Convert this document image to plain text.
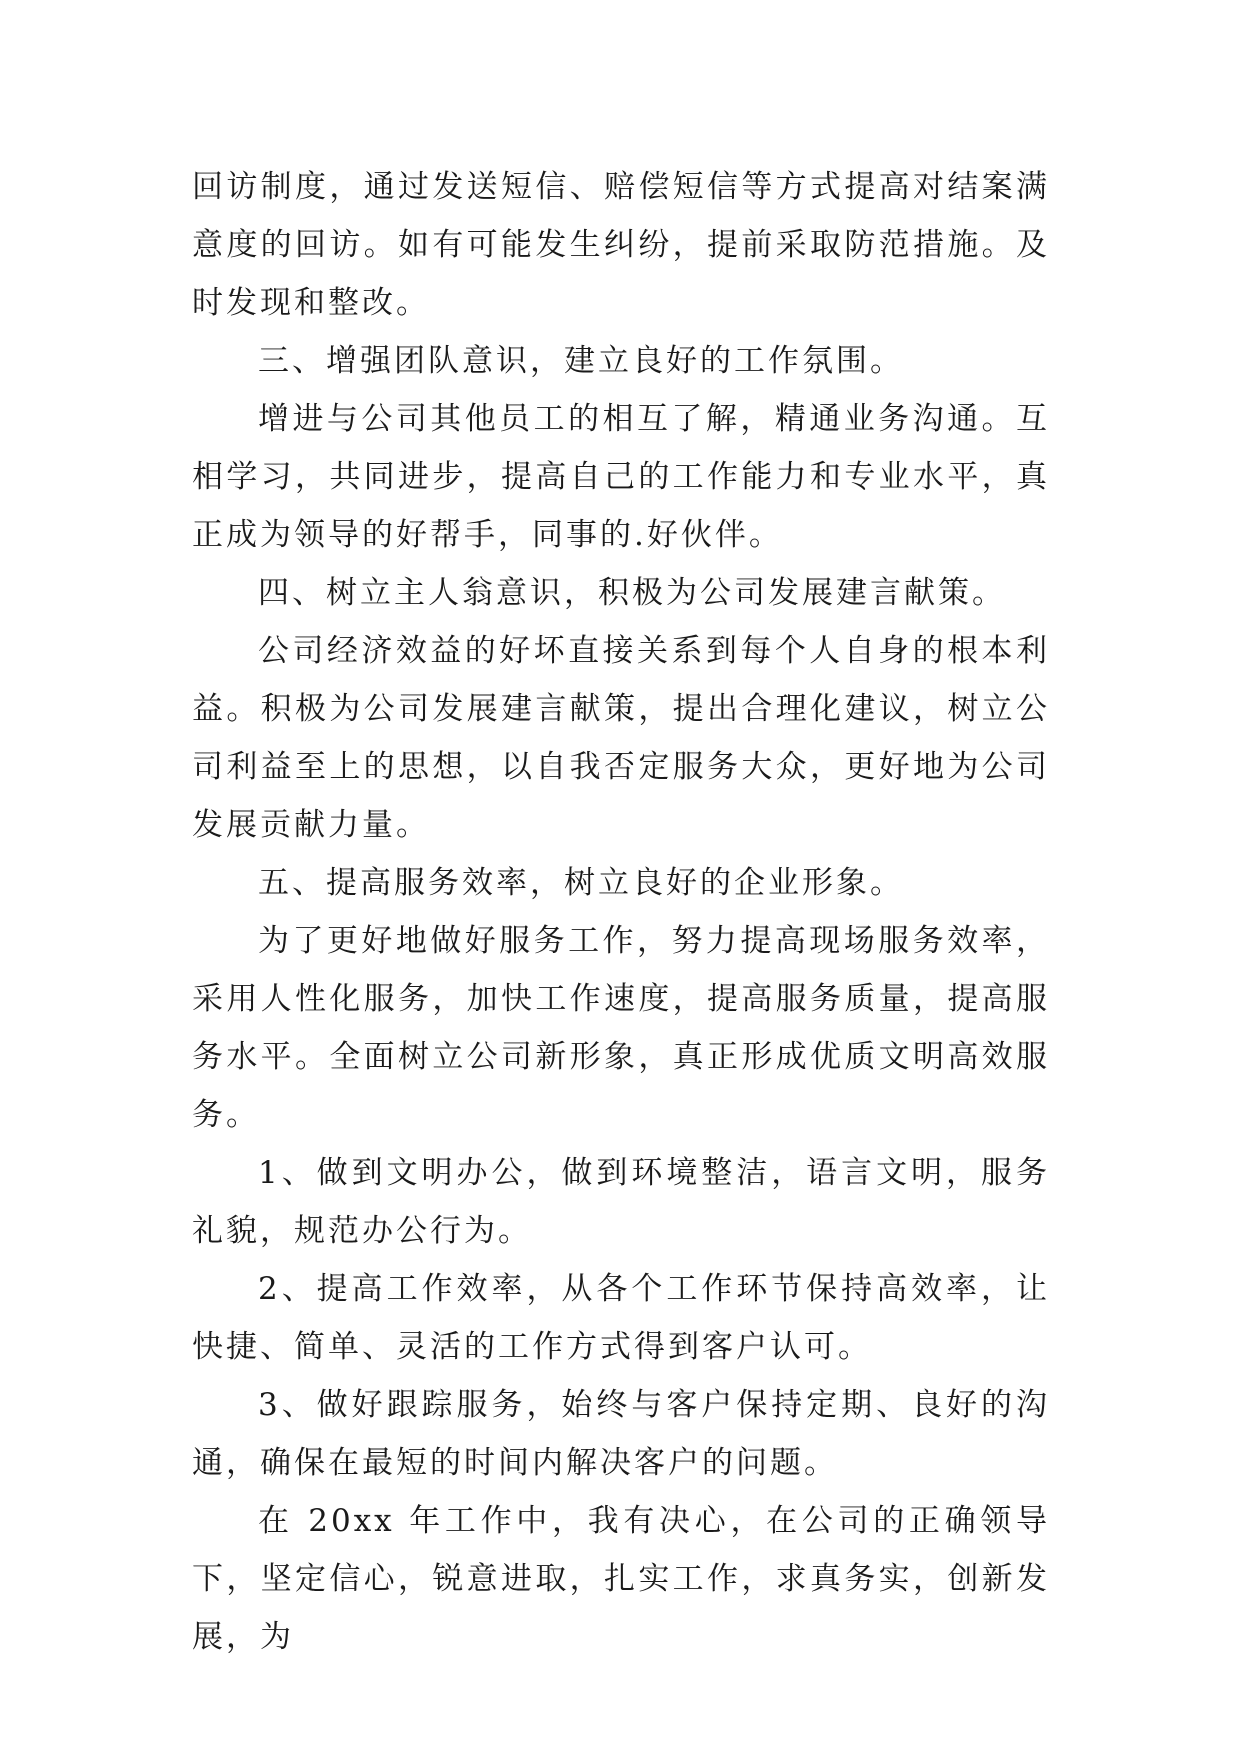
回访制度，通过发送短信、赔偿短信等方式提高对结案满意度的回访。如有可能发生纠纷，提前采取防范措施。及时发现和整改。

三、增强团队意识，建立良好的工作氛围。

增进与公司其他员工的相互了解，精通业务沟通。互相学习，共同进步，提高自己的工作能力和专业水平，真正成为领导的好帮手，同事的.好伙伴。

四、树立主人翁意识，积极为公司发展建言献策。

公司经济效益的好坏直接关系到每个人自身的根本利益。积极为公司发展建言献策，提出合理化建议，树立公司利益至上的思想，以自我否定服务大众，更好地为公司发展贡献力量。

五、提高服务效率，树立良好的企业形象。

为了更好地做好服务工作，努力提高现场服务效率，采用人性化服务，加快工作速度，提高服务质量，提高服务水平。全面树立公司新形象，真正形成优质文明高效服务。

1、做到文明办公，做到环境整洁，语言文明，服务礼貌，规范办公行为。

2、提高工作效率，从各个工作环节保持高效率，让快捷、简单、灵活的工作方式得到客户认可。

3、做好跟踪服务，始终与客户保持定期、良好的沟通，确保在最短的时间内解决客户的问题。

在 20xx 年工作中，我有决心，在公司的正确领导下，坚定信心，锐意进取，扎实工作，求真务实，创新发展，为
